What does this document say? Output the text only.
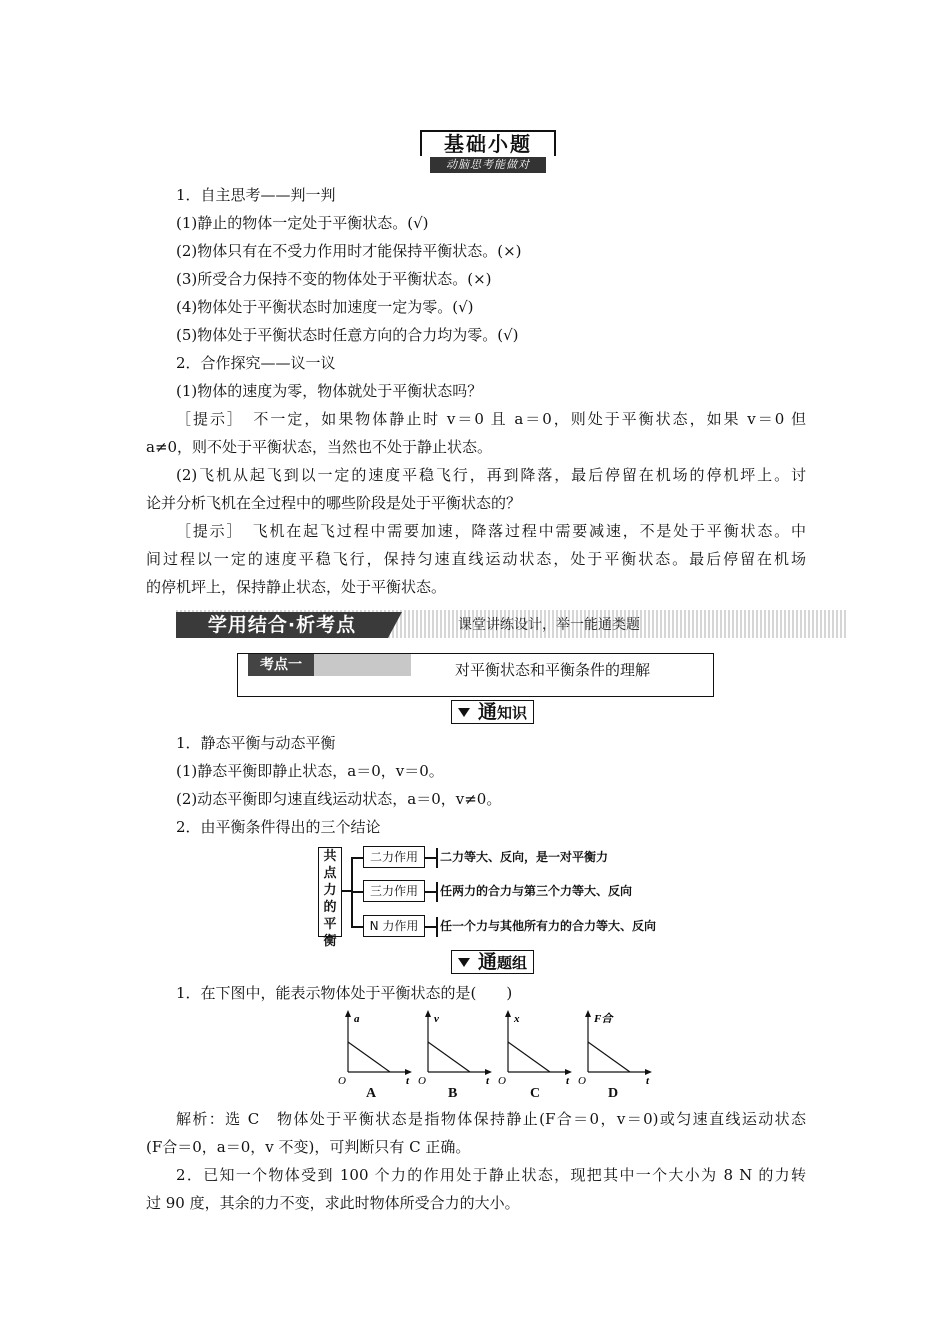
基础小题
动脑思考能做对
1．自主思考——判一判
(1)静止的物体一定处于平衡状态。(√)
(2)物体只有在不受力作用时才能保持平衡状态。(×)
(3)所受合力保持不变的物体处于平衡状态。(×)
(4)物体处于平衡状态时加速度一定为零。(√)
(5)物体处于平衡状态时任意方向的合力均为零。(√)
2．合作探究——议一议
(1)物体的速度为零，物体就处于平衡状态吗？
［提示］　不一定，如果物体静止时 v＝0 且 a＝0，则处于平衡状态，如果 v＝0 但
a≠0，则不处于平衡状态，当然也不处于静止状态。
(2)飞机从起飞到以一定的速度平稳飞行，再到降落，最后停留在机场的停机坪上。讨
论并分析飞机在全过程中的哪些阶段是处于平衡状态的？
［提示］　飞机在起飞过程中需要加速，降落过程中需要减速，不是处于平衡状态。中
间过程以一定的速度平稳飞行，保持匀速直线运动状态，处于平衡状态。最后停留在机场
的停机坪上，保持静止状态，处于平衡状态。
学用结合·析考点	课堂讲练设计，举一能通类题
考点一	对平衡状态和平衡条件的理解
通知识
1．静态平衡与动态平衡
(1)静态平衡即静止状态，a＝0，v＝0。
(2)动态平衡即匀速直线运动状态，a＝0，v≠0。
2．由平衡条件得出的三个结论
共点力的平衡
二力作用	二力等大、反向，是一对平衡力
三力作用	任两力的合力与第三个力等大、反向
N 力作用	任一个力与其他所有力的合力等大、反向
通题组
1．在下图中，能表示物体处于平衡状态的是(　　)
a
t
O
v
t
O
x
t
O
F合
t
O
A	B	C	D
解析：选 C　物体处于平衡状态是指物体保持静止(F合＝0，v＝0)或匀速直线运动状态
(F合＝0，a＝0，v 不变)，可判断只有 C 正确。
2．已知一个物体受到 100 个力的作用处于静止状态，现把其中一个大小为 8 N 的力转
过 90 度，其余的力不变，求此时物体所受合力的大小。
